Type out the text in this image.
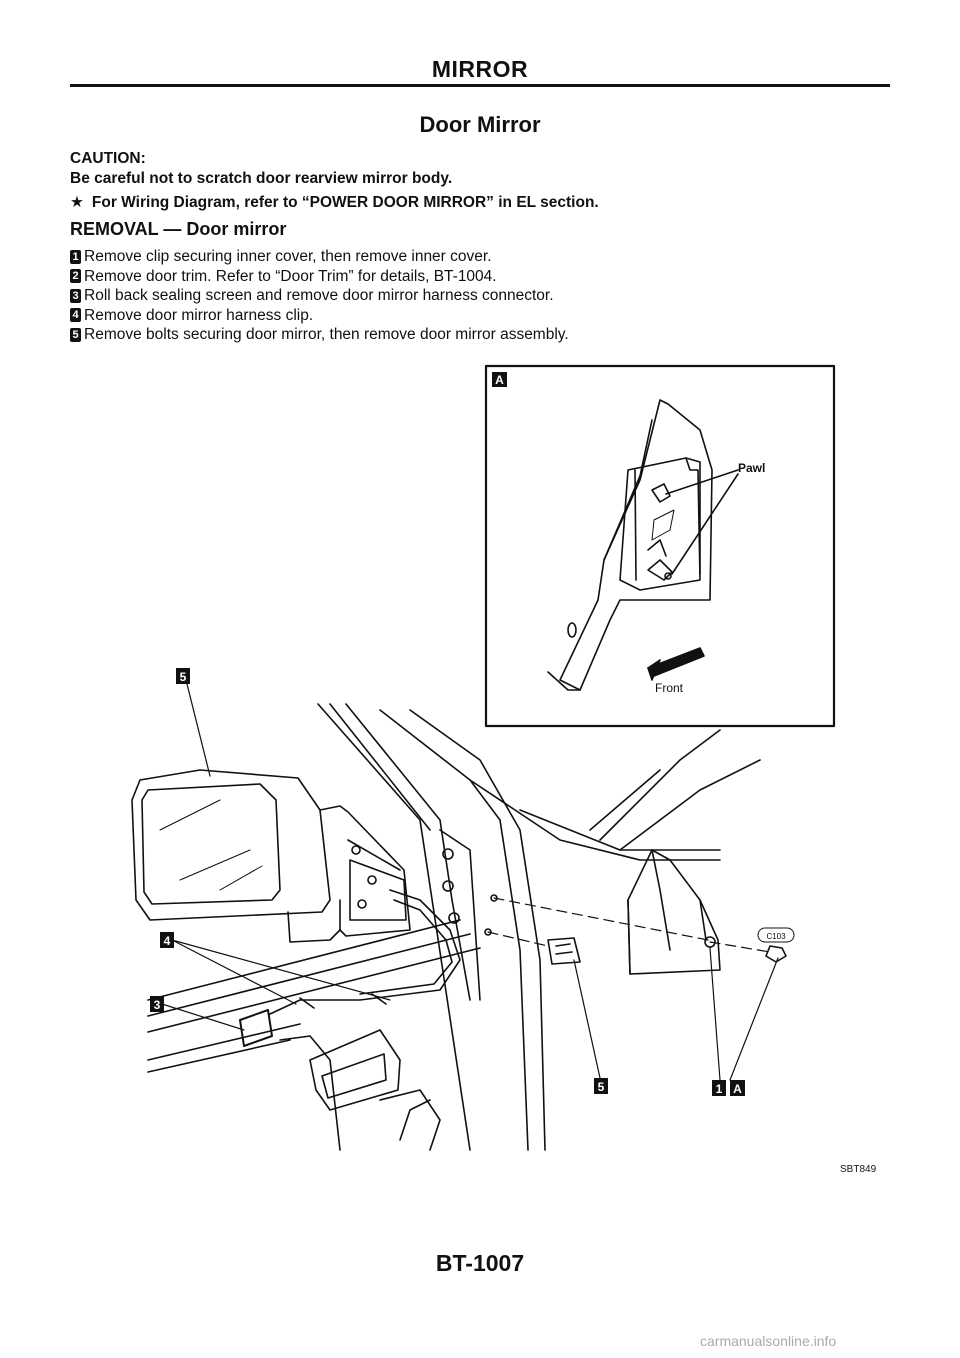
MIRROR
Door Mirror
CAUTION:
Be careful not to scratch door rearview mirror body.
★ For Wiring Diagram, refer to “POWER DOOR MIRROR” in EL section.
REMOVAL — Door mirror
1 Remove clip securing inner cover, then remove inner cover.
2 Remove door trim. Refer to “Door Trim” for details, BT-1004.
3 Roll back sealing screen and remove door mirror harness connector.
4 Remove door mirror harness clip.
5 Remove bolts securing door mirror, then remove door mirror assembly.
A
Pawl
Front
C103
5
4
3
5	1 A
SBT849
BT-1007
carmanualsonline.info
